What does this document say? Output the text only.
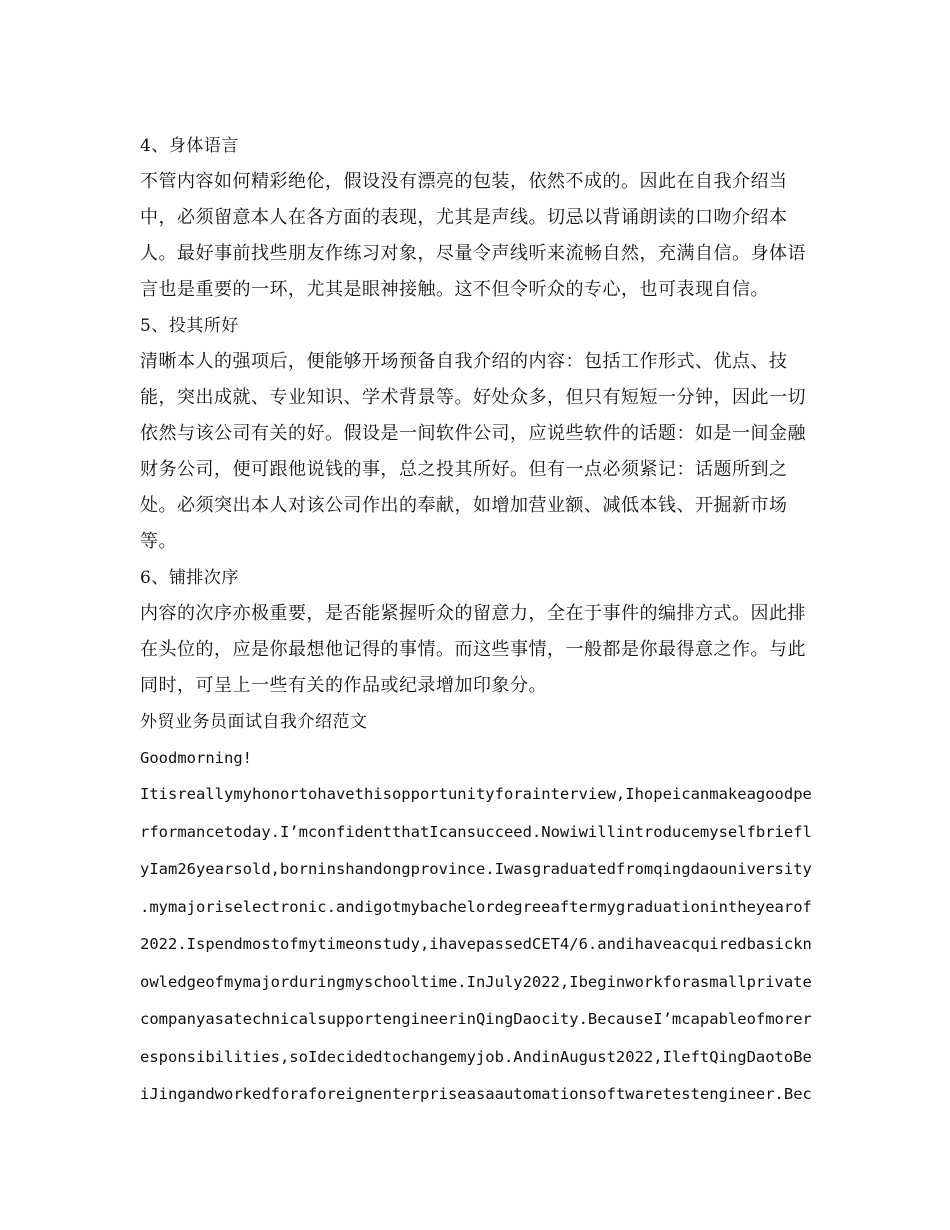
4、身体语言
不管内容如何精彩绝伦，假设没有漂亮的包装，依然不成的。因此在自我介绍当
中，必须留意本人在各方面的表现，尤其是声线。切忌以背诵朗读的口吻介绍本
人。最好事前找些朋友作练习对象，尽量令声线听来流畅自然，充满自信。身体语
言也是重要的一环，尤其是眼神接触。这不但令听众的专心，也可表现自信。
5、投其所好
清晰本人的强项后，便能够开场预备自我介绍的内容：包括工作形式、优点、技
能，突出成就、专业知识、学术背景等。好处众多，但只有短短一分钟，因此一切
依然与该公司有关的好。假设是一间软件公司，应说些软件的话题：如是一间金融
财务公司，便可跟他说钱的事，总之投其所好。但有一点必须紧记：话题所到之
处。必须突出本人对该公司作出的奉献，如增加营业额、减低本钱、开掘新市场
等。
6、铺排次序
内容的次序亦极重要，是否能紧握听众的留意力，全在于事件的编排方式。因此排
在头位的，应是你最想他记得的事情。而这些事情，一般都是你最得意之作。与此
同时，可呈上一些有关的作品或纪录增加印象分。
外贸业务员面试自我介绍范文
Goodmorning!
Itisreallymyhonortohavethisopportunityforainterview,Ihopeicanmakeagoodpe
rformancetoday.I’mconfidentthatIcansucceed.Nowiwillintroducemyselfbriefl
yIam26yearsold,borninshandongprovince.Iwasgraduatedfromqingdaouniversity
.mymajoriselectronic.andigotmybachelordegreeaftermygraduationintheyearof
2022.Ispendmostofmytimeonstudy,ihavepassedCET4/6.andihaveacquiredbasickn
owledgeofmymajorduringmyschooltime.InJuly2022,Ibeginworkforasmallprivate
companyasatechnicalsupportengineerinQingDaocity.BecauseI’mcapableofmorer
esponsibilities,soIdecidedtochangemyjob.AndinAugust2022,IleftQingDaotoBe
iJingandworkedforaforeignenterpriseasaautomationsoftwaretestengineer.Bec
